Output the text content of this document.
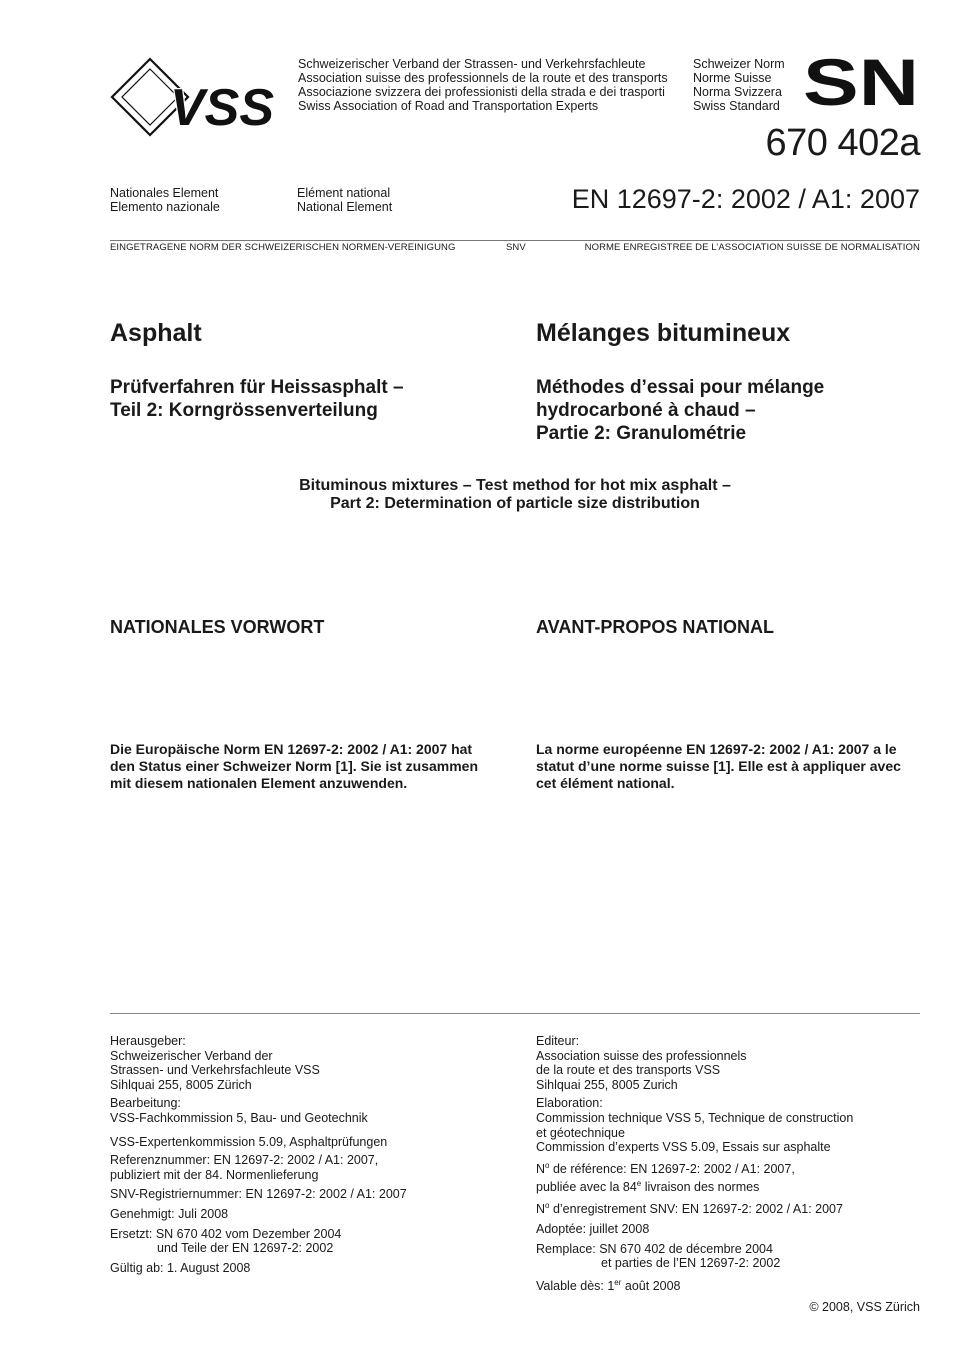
VSS
Schweizerischer Verband der Strassen- und Verkehrsfachleute
Association suisse des professionnels de la route et des transports
Associazione svizzera dei professionisti della strada e dei trasporti
Swiss Association of Road and Transportation Experts
Schweizer Norm
Norme Suisse
Norma Svizzera
Swiss Standard SN
670 402a
Nationales Element
Elemento nazionale
Elément national
National Element	EN 12697-2: 2002 / A1: 2007
EINGETRAGENE NORM DER SCHWEIZERISCHEN NORMEN-VEREINIGUNG	SNV	NORME ENREGISTREE DE L’ASSOCIATION SUISSE DE NORMALISATION
Asphalt	Mélanges bitumineux
Prüfverfahren für Heissasphalt –
Teil 2: Korngrössenverteilung
Méthodes d’essai pour mélange
hydrocarboné à chaud –
Partie 2: Granulométrie
Bituminous mixtures – Test method for hot mix asphalt –
Part 2: Determination of particle size distribution
NATIONALES VORWORT	AVANT-PROPOS NATIONAL
Die Europäische Norm EN 12697-2: 2002 / A1: 2007 hat
den Status einer Schweizer Norm [1]. Sie ist zusammen
mit diesem nationalen Element anzuwenden.
La norme européenne EN 12697-2: 2002 / A1: 2007 a le
statut d’une norme suisse [1]. Elle est à appliquer avec
cet élément national.

Herausgeber:

Schweizerischer Verband der

Strassen- und Verkehrsfachleute VSS

Sihlquai 255, 8005 Zürich

Bearbeitung:

VSS-Fachkommission 5, Bau- und Geotechnik

VSS-Expertenkommission 5.09, Asphaltprüfungen

Referenznummer: EN 12697-2: 2002 / A1: 2007,

publiziert mit der 84. Normenlieferung

SNV-Registriernummer: EN 12697-2: 2002 / A1: 2007

Genehmigt: Juli 2008

Ersetzt: SN 670 402 vom Dezember 2004

und Teile der EN 12697-2: 2002

Gültig ab: 1. August 2008

Editeur:

Association suisse des professionnels

de la route et des transports VSS

Sihlquai 255, 8005 Zurich

Elaboration:

Commission technique VSS 5, Technique de construction

et géotechnique

Commission d’experts VSS 5.09, Essais sur asphalte

$N^o$ de référence: EN 12697-2: 2002 / A1: 2007,

publiée avec la 84e livraison des normes

$N^o$ d’enregistrement SNV: EN 12697-2: 2002 / A1: 2007

Adoptée: juillet 2008

Remplace: SN 670 402 de décembre 2004

et parties de l’EN 12697-2: 2002

Valable dès: 1er août 2008

© 2008, VSS Zürich
